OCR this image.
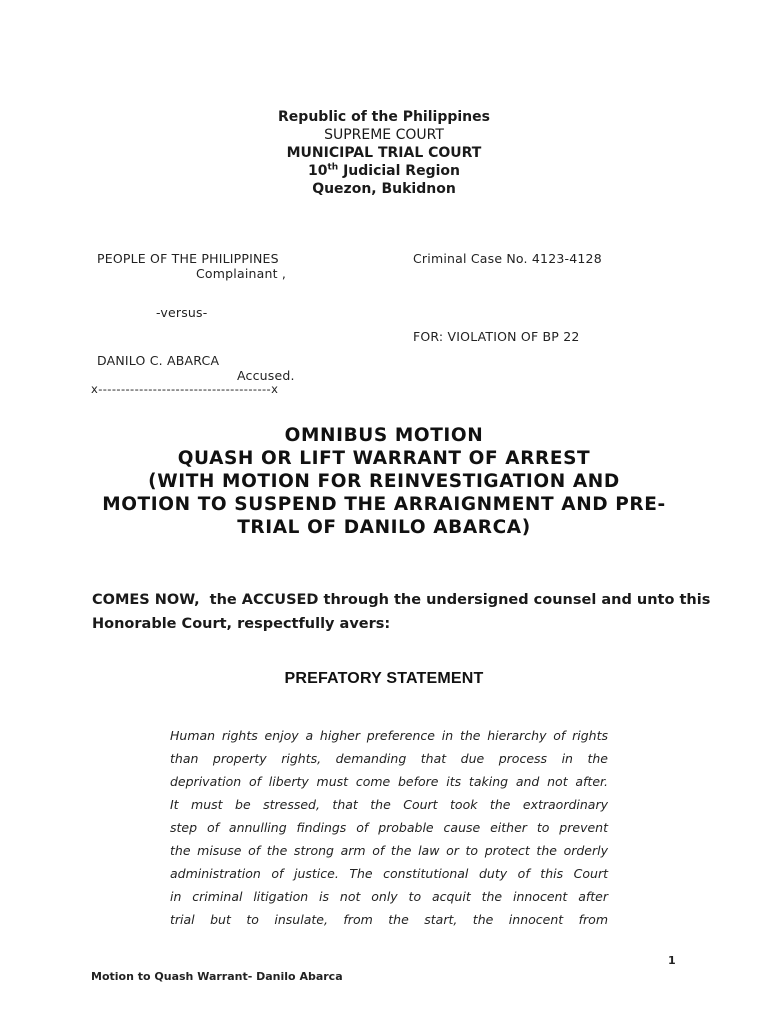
Republic of the Philippines
SUPREME COURT
MUNICIPAL TRIAL COURT
10th Judicial Region
Quezon, Bukidnon
PEOPLE OF THE PHILIPPINES
Complainant ,
Criminal Case No. 4123-4128
-versus-
FOR: VIOLATION OF BP 22
DANILO C. ABARCA
Accused.
x--------------------------------------x
OMNIBUS MOTION
QUASH OR LIFT WARRANT OF ARREST
(WITH MOTION FOR REINVESTIGATION AND
MOTION TO SUSPEND THE ARRAIGNMENT AND PRE-
TRIAL OF DANILO ABARCA)
COMES NOW,  the ACCUSED through the undersigned counsel and unto this
Honorable Court, respectfully avers:
PREFATORY STATEMENT
Human rights enjoy a higher preference in the hierarchy of rights
than property rights, demanding that due process in the
deprivation of liberty must come before its taking and not after.
It must be stressed, that the Court took the extraordinary
step of annulling findings of probable cause either to prevent
the misuse of the strong arm of the law or to protect the orderly
administration of justice. The constitutional duty of this Court
in criminal litigation is not only to acquit the innocent after
trial but to insulate, from the start, the innocent from
1
Motion to Quash Warrant- Danilo Abarca
